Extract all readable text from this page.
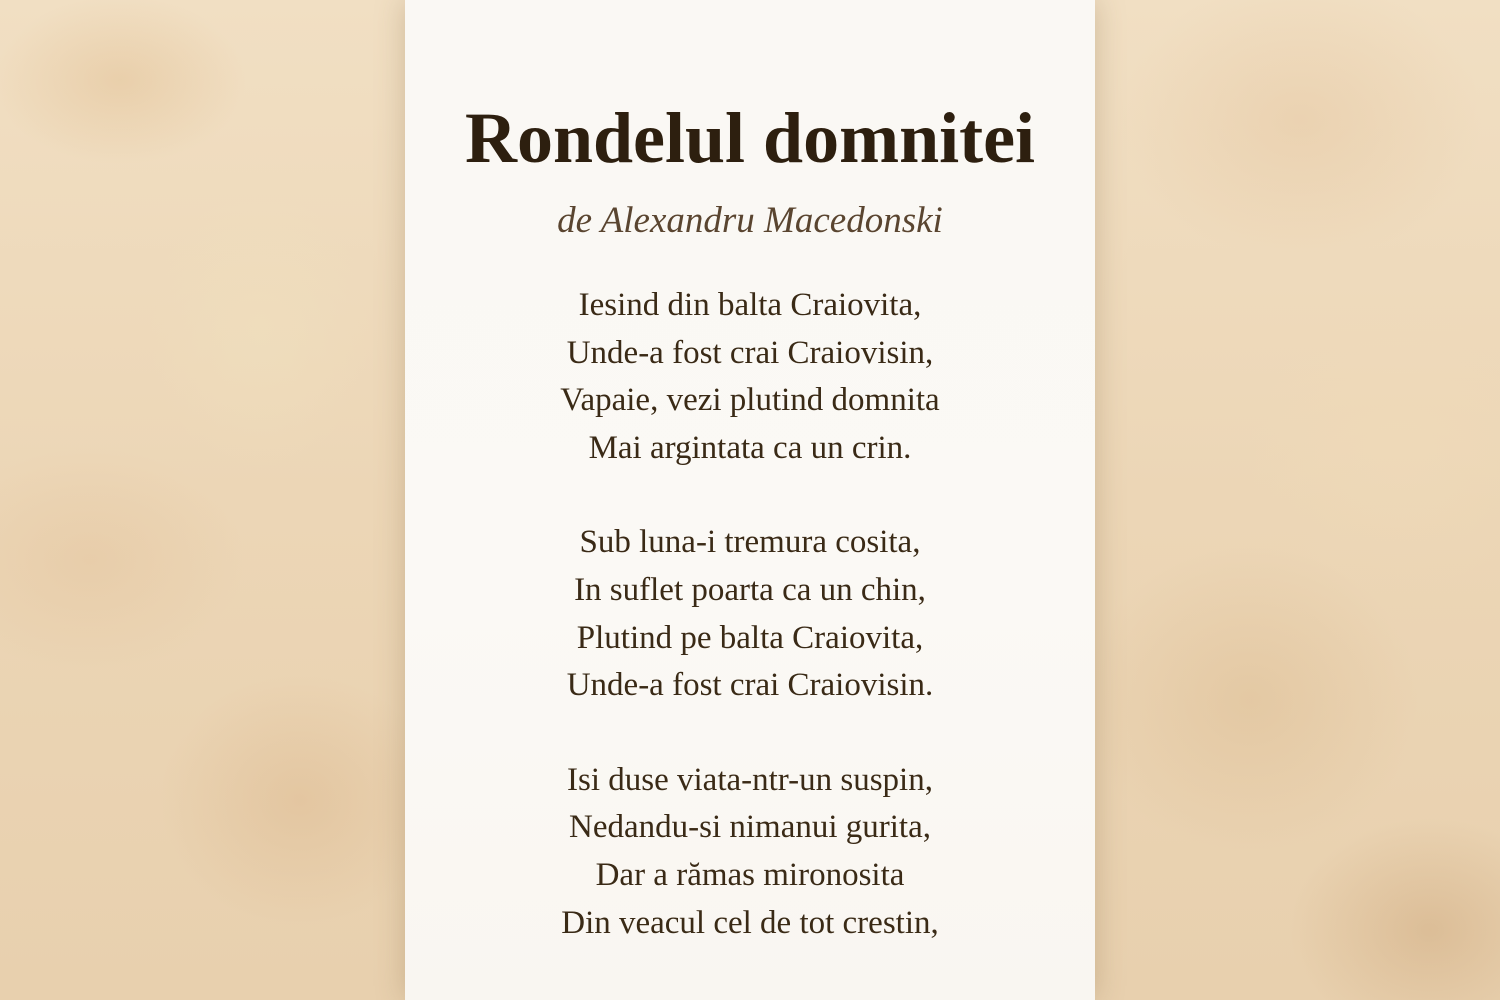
Rondelul domnitei
de Alexandru Macedonski

Iesind din balta Craiovita,
Unde-a fost crai Craiovisin,
Vapaie, vezi plutind domnita
Mai argintata ca un crin.

Sub luna-i tremura cosita,
In suflet poarta ca un chin,
Plutind pe balta Craiovita,
Unde-a fost crai Craiovisin.

Isi duse viata-ntr-un suspin,
Nedandu-si nimanui gurita,
Dar a rămas mironosita
Din veacul cel de tot crestin,
